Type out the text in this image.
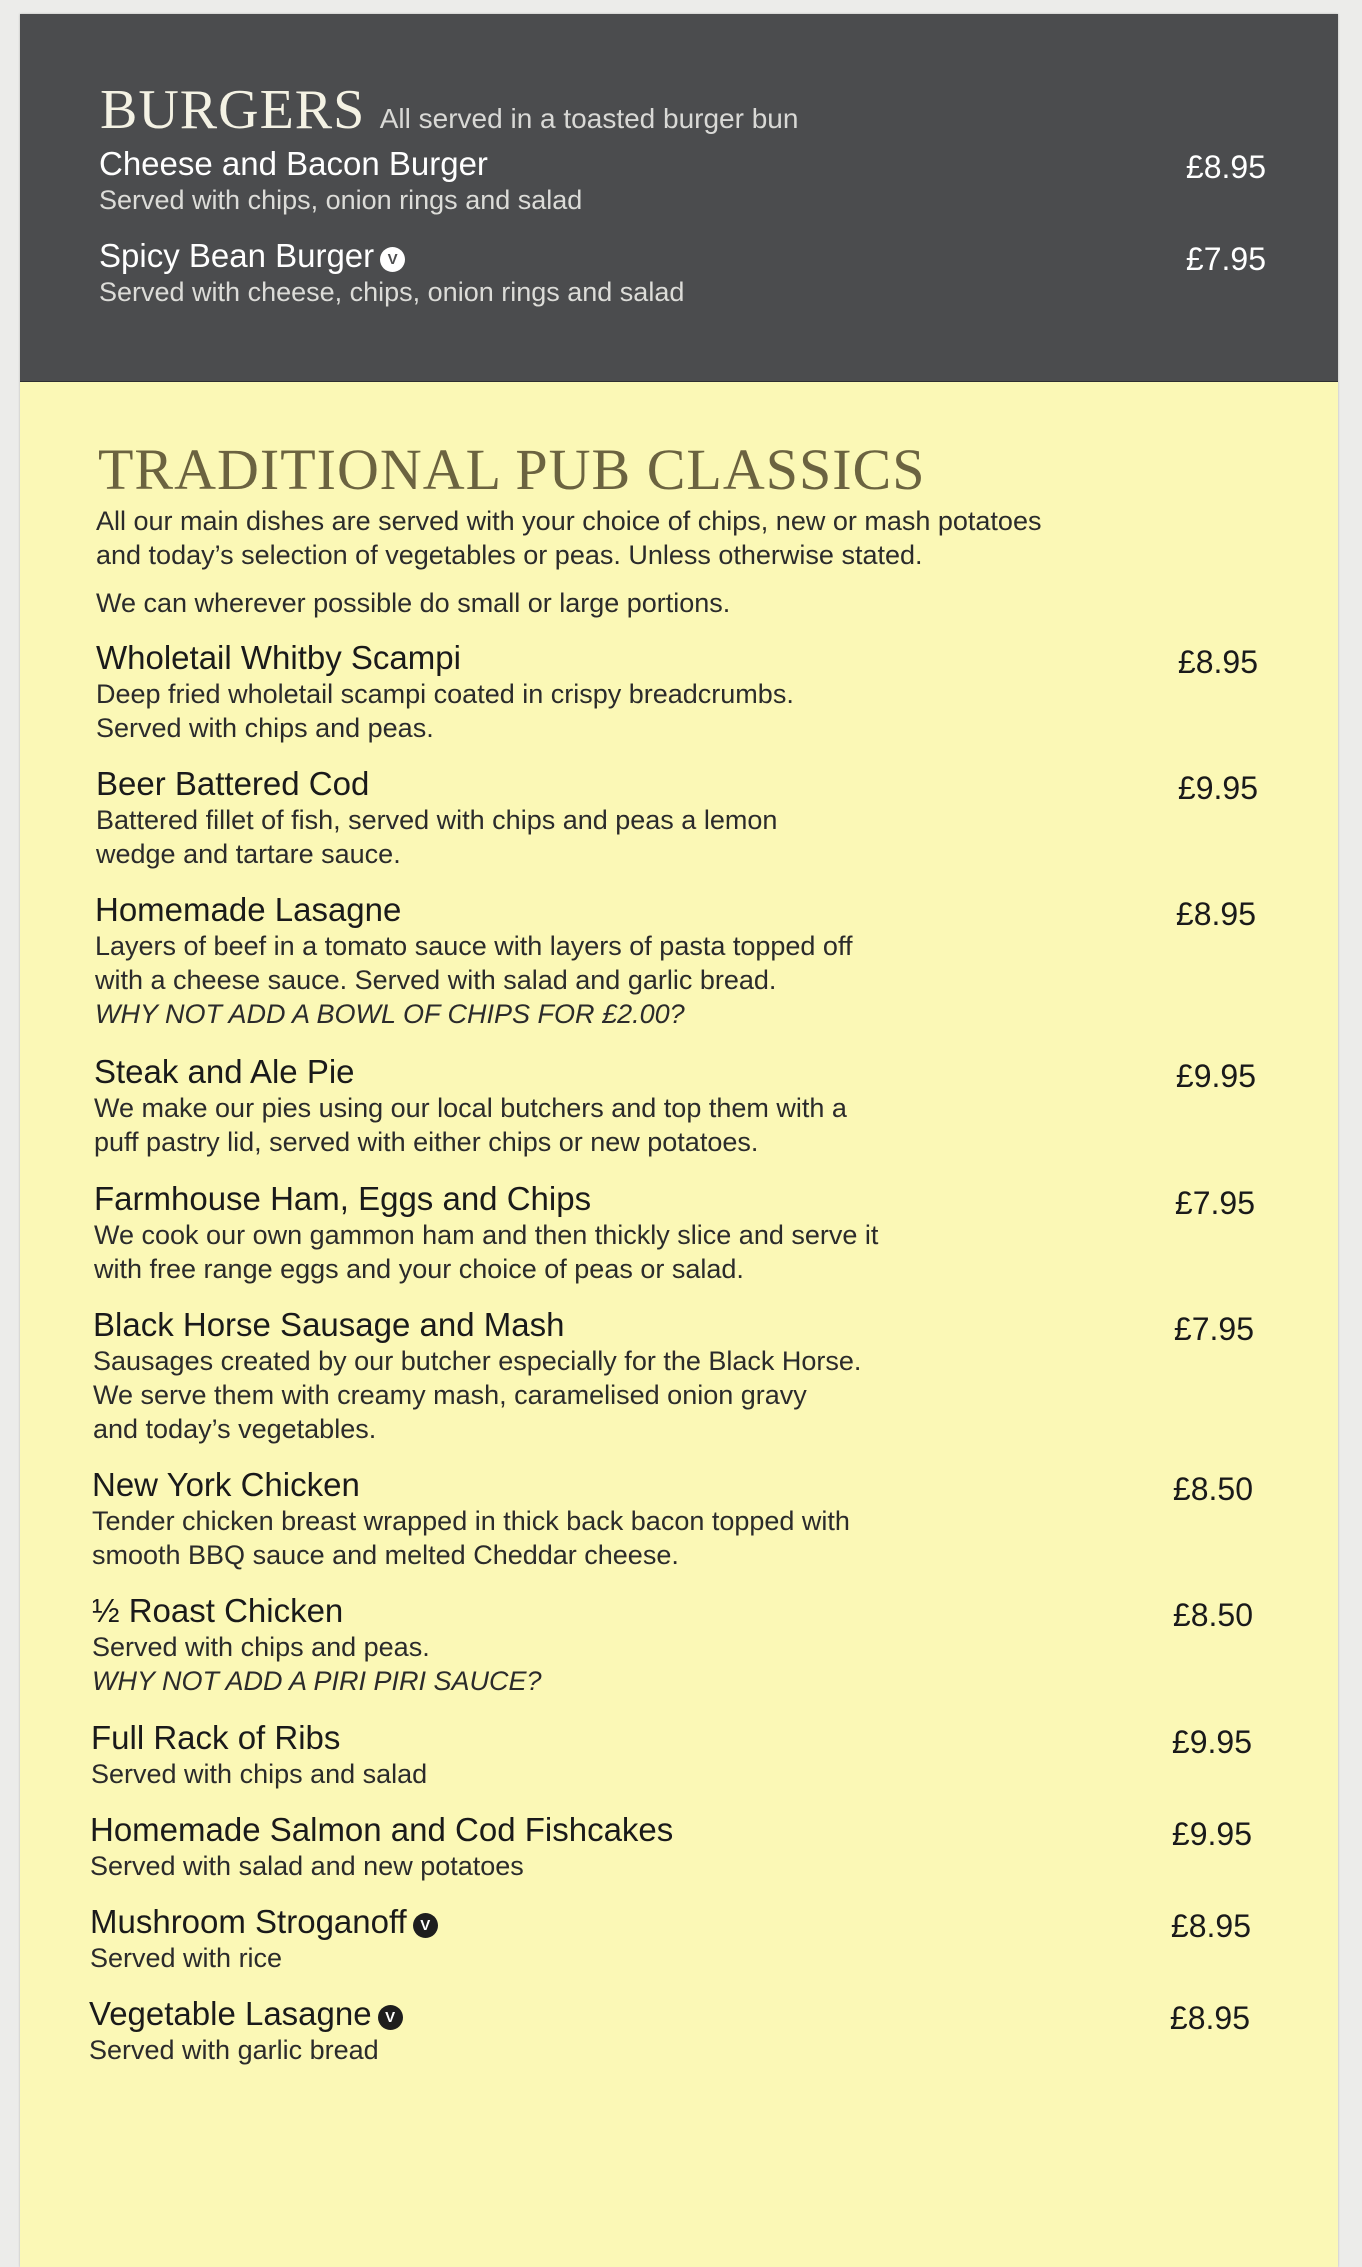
BURGERS All served in a toasted burger bun
Cheese and Bacon Burger
Served with chips, onion rings and salad
£8.95
Spicy Bean Burger V
Served with cheese, chips, onion rings and salad
£7.95
TRADITIONAL PUB CLASSICS
All our main dishes are served with your choice of chips, new or mash potatoes
and today’s selection of vegetables or peas. Unless otherwise stated.
We can wherever possible do small or large portions.
Wholetail Whitby Scampi
Deep fried wholetail scampi coated in crispy breadcrumbs.
Served with chips and peas.
£8.95
Beer Battered Cod
Battered fillet of fish, served with chips and peas a lemon
wedge and tartare sauce.
£9.95
Homemade Lasagne
Layers of beef in a tomato sauce with layers of pasta topped off
with a cheese sauce. Served with salad and garlic bread.
WHY NOT ADD A BOWL OF CHIPS FOR £2.00?
£8.95
Steak and Ale Pie
We make our pies using our local butchers and top them with a
puff pastry lid, served with either chips or new potatoes.
£9.95
Farmhouse Ham, Eggs and Chips
We cook our own gammon ham and then thickly slice and serve it
with free range eggs and your choice of peas or salad.
£7.95
Black Horse Sausage and Mash
Sausages created by our butcher especially for the Black Horse.
We serve them with creamy mash, caramelised onion gravy
and today’s vegetables.
£7.95
New York Chicken
Tender chicken breast wrapped in thick back bacon topped with
smooth BBQ sauce and melted Cheddar cheese.
£8.50
½ Roast Chicken
Served with chips and peas.
WHY NOT ADD A PIRI PIRI SAUCE?
£8.50
Full Rack of Ribs
Served with chips and salad
£9.95
Homemade Salmon and Cod Fishcakes
Served with salad and new potatoes
£9.95
Mushroom Stroganoff V
Served with rice
£8.95
Vegetable Lasagne V
Served with garlic bread
£8.95
